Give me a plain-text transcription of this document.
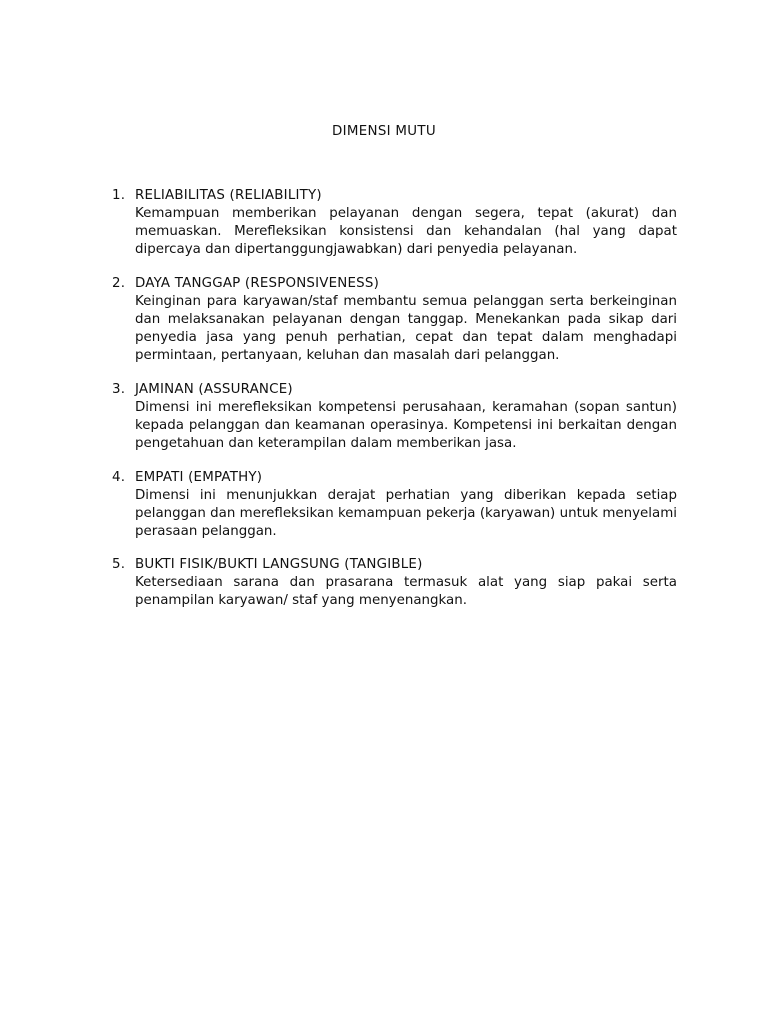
DIMENSI MUTU
1. RELIABILITAS (RELIABILITY)
Kemampuan memberikan pelayanan dengan segera, tepat (akurat) dan memuaskan. Merefleksikan konsistensi dan kehandalan (hal yang dapat dipercaya dan dipertanggungjawabkan) dari penyedia pelayanan.
2. DAYA TANGGAP (RESPONSIVENESS)
Keinginan para karyawan/staf membantu semua pelanggan serta berkeinginan dan melaksanakan pelayanan dengan tanggap. Menekankan pada sikap dari penyedia jasa yang penuh perhatian, cepat dan tepat dalam menghadapi permintaan, pertanyaan, keluhan dan masalah dari pelanggan.
3. JAMINAN (ASSURANCE)
Dimensi ini merefleksikan kompetensi perusahaan, keramahan (sopan santun) kepada pelanggan dan keamanan operasinya. Kompetensi ini berkaitan dengan pengetahuan dan keterampilan dalam memberikan jasa.
4. EMPATI (EMPATHY)
Dimensi ini menunjukkan derajat perhatian yang diberikan kepada setiap pelanggan dan merefleksikan kemampuan pekerja (karyawan) untuk menyelami perasaan pelanggan.
5. BUKTI FISIK/BUKTI LANGSUNG (TANGIBLE)
Ketersediaan sarana dan prasarana termasuk alat yang siap pakai serta penampilan karyawan/ staf yang menyenangkan.
